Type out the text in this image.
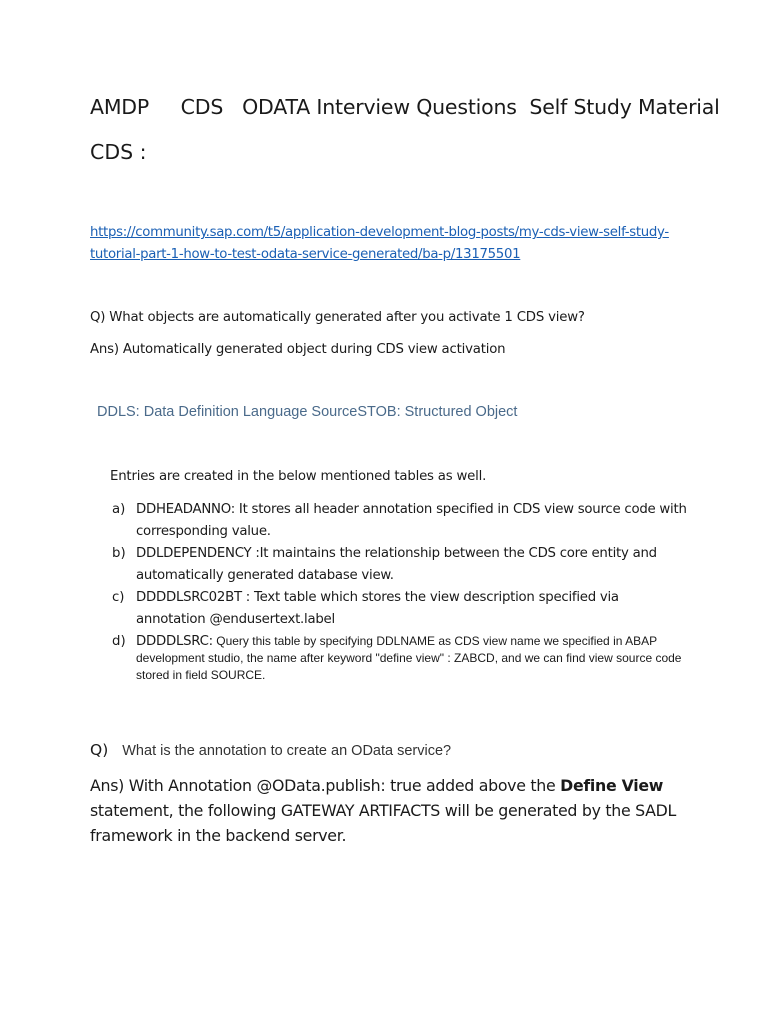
AMDP     CDS   ODATA Interview Questions  Self Study Material
CDS :
https://community.sap.com/t5/application-development-blog-posts/my-cds-view-self-study-
tutorial-part-1-how-to-test-odata-service-generated/ba-p/13175501
Q) What objects are automatically generated after you activate 1 CDS view?
Ans) Automatically generated object during CDS view activation
DDLS: Data Definition Language SourceSTOB: Structured Object
Entries are created in the below mentioned tables as well.
a) DDHEADANNO: It stores all header annotation specified in CDS view source code with corresponding value.
b) DDLDEPENDENCY :It maintains the relationship between the CDS core entity and automatically generated database view.
c) DDDDLSRC02BT : Text table which stores the view description specified via annotation @endusertext.label
d) DDDDLSRC: Query this table by specifying DDLNAME as CDS view name we specified in ABAP development studio, the name after keyword "define view" : ZABCD, and we can find view source code stored in field SOURCE.
Q) What is the annotation to create an OData service?
Ans) With Annotation @OData.publish: true added above the Define View statement, the following GATEWAY ARTIFACTS will be generated by the SADL framework in the backend server.
